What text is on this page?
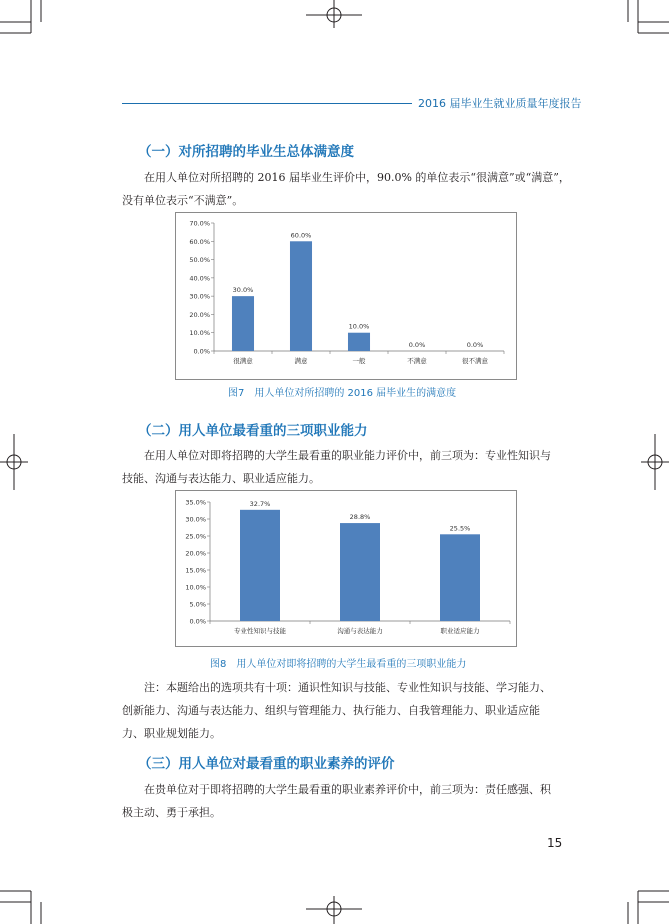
2016 届毕业生就业质量年度报告
（一）对所招聘的毕业生总体满意度
在用人单位对所招聘的 2016 届毕业生评价中，90.0% 的单位表示“很满意”或“满意”，
没有单位表示“不满意”。
0.0%
10.0%
20.0%
30.0%
40.0%
50.0%
60.0%
70.0%
30.0%
很满意
60.0%
满意
10.0%
一般
0.0%
不满意
0.0%
很不满意
图7　用人单位对所招聘的 2016 届毕业生的满意度
（二）用人单位最看重的三项职业能力
在用人单位对即将招聘的大学生最看重的职业能力评价中，前三项为：专业性知识与
技能、沟通与表达能力、职业适应能力。
0.0%
5.0%
10.0%
15.0%
20.0%
25.0%
30.0%
35.0%	32.7%
专业性知识与技能
28.8%
沟通与表达能力
25.5%
职业适应能力
图8　用人单位对即将招聘的大学生最看重的三项职业能力
注：本题给出的选项共有十项：通识性知识与技能、专业性知识与技能、学习能力、
创新能力、沟通与表达能力、组织与管理能力、执行能力、自我管理能力、职业适应能
力、职业规划能力。
（三）用人单位对最看重的职业素养的评价
在贵单位对于即将招聘的大学生最看重的职业素养评价中，前三项为：责任感强、积
极主动、勇于承担。
15
